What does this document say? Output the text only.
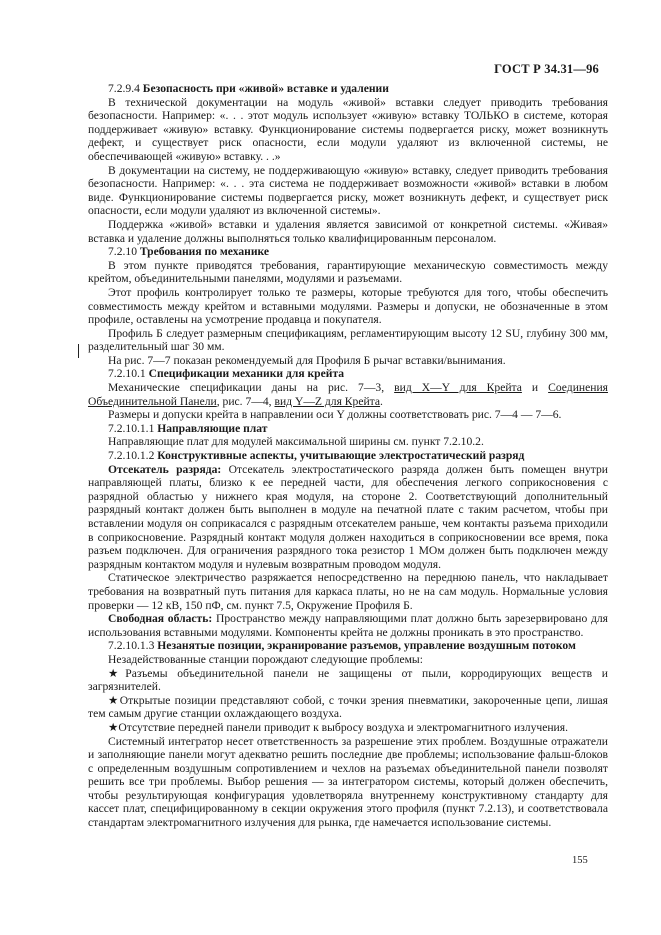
ГОСТ Р 34.31—96

7.2.9.4 Безопасность при «живой» вставке и удалении

В технической документации на модуль «живой» вставки следует приводить требования безопасности. Например: «. . . этот модуль использует «живую» вставку ТОЛЬКО в системе, которая поддерживает «живую» вставку. Функционирование системы подвергается риску, может возникнуть дефект, и существует риск опасности, если модули удаляют из включенной системы, не обеспечивающей «живую» вставку. . .»

В документации на систему, не поддерживающую «живую» вставку, следует приводить требования безопасности. Например: «. . . эта система не поддерживает возможности «живой» вставки в любом виде. Функционирование системы подвергается риску, может возникнуть дефект, и существует риск опасности, если модули удаляют из включенной системы».

Поддержка «живой» вставки и удаления является зависимой от конкретной системы. «Живая» вставка и удаление должны выполняться только квалифицированным персоналом.

7.2.10 Требования по механике

В этом пункте приводятся требования, гарантирующие механическую совместимость между крейтом, объединительными панелями, модулями и разъемами.

Этот профиль контролирует только те размеры, которые требуются для того, чтобы обеспечить совместимость между крейтом и вставными модулями. Размеры и допуски, не обозначенные в этом профиле, оставлены на усмотрение продавца и покупателя.

Профиль Б следует размерным спецификациям, регламентирующим высоту 12 SU, глубину 300 мм, разделительный шаг 30 мм.

На рис. 7—7 показан рекомендуемый для Профиля Б рычаг вставки/вынимания.

7.2.10.1 Спецификации механики для крейта

Механические спецификации даны на рис. 7—3, вид X—Y для Крейта и Соединения Объединительной Панели, рис. 7—4, вид Y—Z для Крейта.

Размеры и допуски крейта в направлении оси Y должны соответствовать рис. 7—4 — 7—6.

7.2.10.1.1 Направляющие плат

Направляющие плат для модулей максимальной ширины см. пункт 7.2.10.2.

7.2.10.1.2 Конструктивные аспекты, учитывающие электростатический разряд

Отсекатель разряда: Отсекатель электростатического разряда должен быть помещен внутри направляющей платы, близко к ее передней части, для обеспечения легкого соприкосновения с разрядной областью у нижнего края модуля, на стороне 2. Соответствующий дополнительный разрядный контакт должен быть выполнен в модуле на печатной плате с таким расчетом, чтобы при вставлении модуля он соприкасался с разрядным отсекателем раньше, чем контакты разъема приходили в соприкосновение. Разрядный контакт модуля должен находиться в соприкосновении все время, пока разъем подключен. Для ограничения разрядного тока резистор 1 МОм должен быть подключен между разрядным контактом модуля и нулевым возвратным проводом модуля.

Статическое электричество разряжается непосредственно на переднюю панель, что накладывает требования на возвратный путь питания для каркаса платы, но не на сам модуль. Нормальные условия проверки — 12 кВ, 150 пФ, см. пункт 7.5, Окружение Профиля Б.

Свободная область: Пространство между направляющими плат должно быть зарезервировано для использования вставными модулями. Компоненты крейта не должны проникать в это пространство.

7.2.10.1.3 Незанятые позиции, экранирование разъемов, управление воздушным потоком

Незадействованные станции порождают следующие проблемы:

★Разъемы объединительной панели не защищены от пыли, корродирующих веществ и загрязнителей.

★Открытые позиции представляют собой, с точки зрения пневматики, закороченные цепи, лишая тем самым другие станции охлаждающего воздуха.

★Отсутствие передней панели приводит к выбросу воздуха и электромагнитного излучения.

Системный интегратор несет ответственность за разрешение этих проблем. Воздушные отражатели и заполняющие панели могут адекватно решить последние две проблемы; использование фальш-блоков с определенным воздушным сопротивлением и чехлов на разъемах объединительной панели позволят решить все три проблемы. Выбор решения — за интегратором системы, который должен обеспечить, чтобы результирующая конфигурация удовлетворяла внутреннему конструктивному стандарту для кассет плат, специфицированному в секции окружения этого профиля (пункт 7.2.13), и соответствовала стандартам электромагнитного излучения для рынка, где намечается использование системы.

155
